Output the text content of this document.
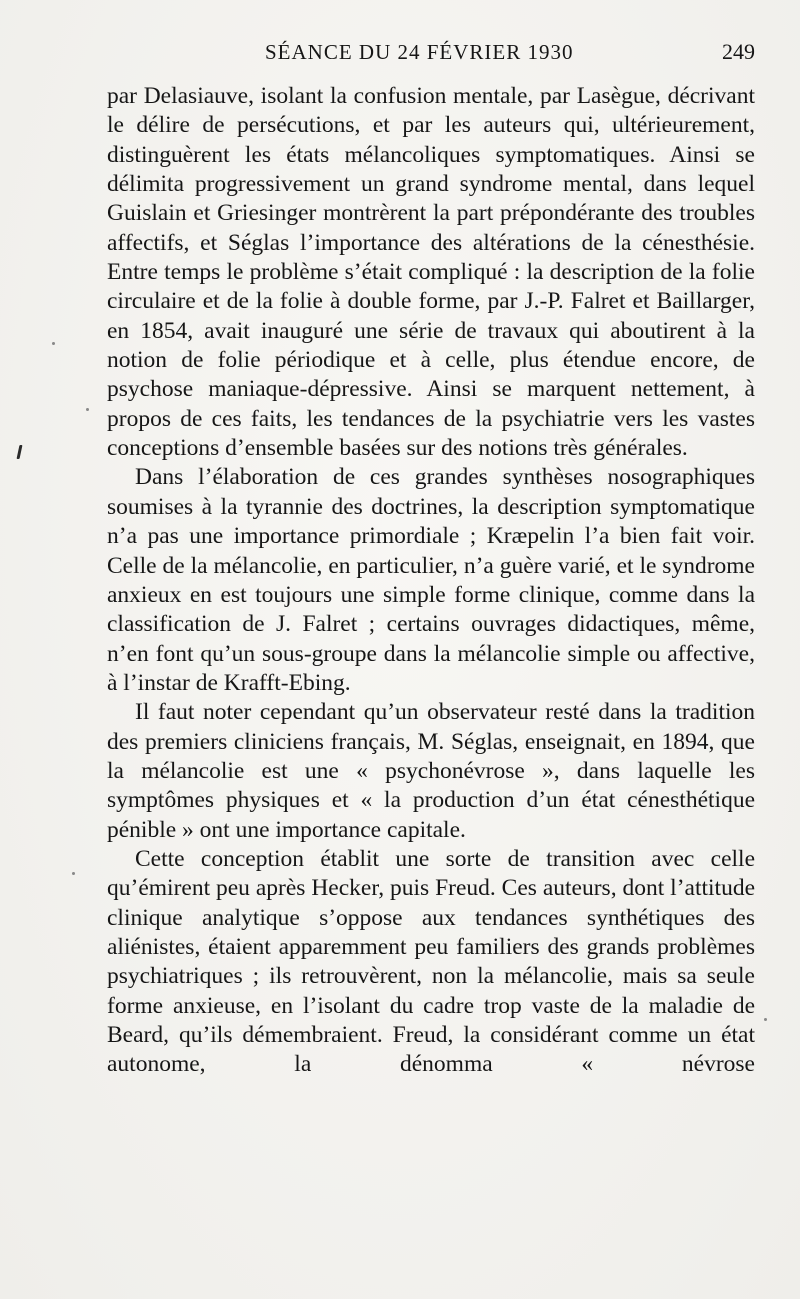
SÉANCE DU 24 FÉVRIER 1930	249

par Delasiauve, isolant la confusion mentale, par Lasègue, décrivant le délire de persécutions, et par les auteurs qui, ultérieurement, distinguèrent les états mélancoliques symptomatiques. Ainsi se délimita progressivement un grand syndrome mental, dans lequel Guislain et Griesinger montrèrent la part prépondérante des troubles affectifs, et Séglas l’importance des altérations de la cénesthésie. Entre temps le problème s’était compliqué : la description de la folie circulaire et de la folie à double forme, par J.-P. Falret et Baillarger, en 1854, avait inauguré une série de travaux qui aboutirent à la notion de folie périodique et à celle, plus étendue encore, de psychose maniaque-dépressive. Ainsi se marquent nettement, à propos de ces faits, les tendances de la psychiatrie vers les vastes conceptions d’ensemble basées sur des notions très générales.

Dans l’élaboration de ces grandes synthèses nosographiques soumises à la tyrannie des doctrines, la description symptomatique n’a pas une importance primordiale ; Kræpelin l’a bien fait voir. Celle de la mélancolie, en particulier, n’a guère varié, et le syndrome anxieux en est toujours une simple forme clinique, comme dans la classification de J. Falret ; certains ouvrages didactiques, même, n’en font qu’un sous-groupe dans la mélancolie simple ou affective, à l’instar de Krafft-Ebing.

Il faut noter cependant qu’un observateur resté dans la tradition des premiers cliniciens français, M. Séglas, enseignait, en 1894, que la mélancolie est une « psychonévrose », dans laquelle les symptômes physiques et « la production d’un état cénesthétique pénible » ont une importance capitale.

Cette conception établit une sorte de transition avec celle qu’émirent peu après Hecker, puis Freud. Ces auteurs, dont l’attitude clinique analytique s’oppose aux tendances synthétiques des aliénistes, étaient apparemment peu familiers des grands problèmes psychiatriques ; ils retrouvèrent, non la mélancolie, mais sa seule forme anxieuse, en l’isolant du cadre trop vaste de la maladie de Beard, qu’ils démembraient. Freud, la considérant comme un état autonome, la dénomma « névrose
